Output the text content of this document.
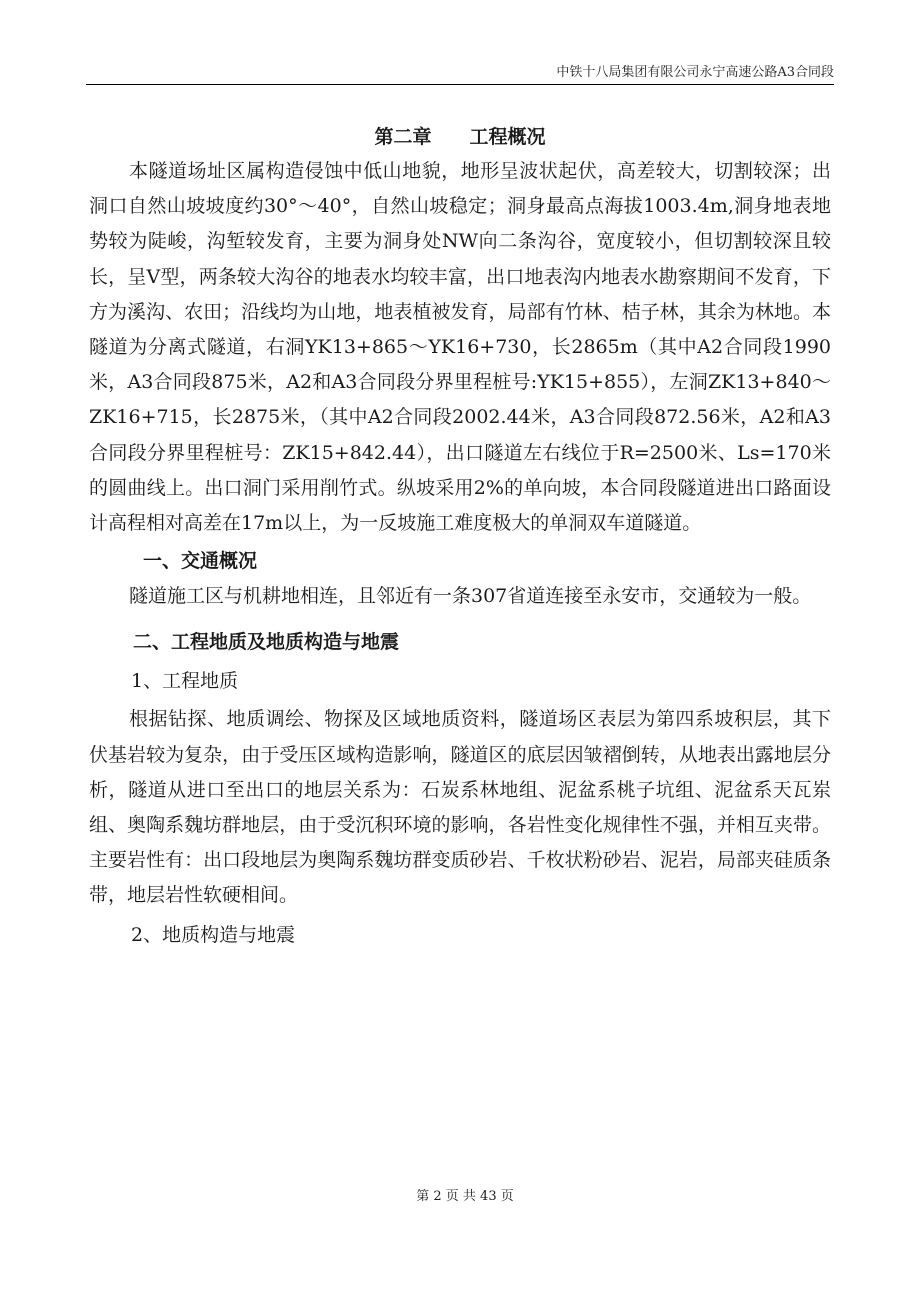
中铁十八局集团有限公司永宁高速公路A3合同段
第二章　　工程概况

本隧道场址区属构造侵蚀中低山地貌，地形呈波状起伏，高差较大，切割较深；出洞口自然山坡坡度约30°～40°，自然山坡稳定；洞身最高点海拔1003.4m,洞身地表地势较为陡峻，沟堑较发育，主要为洞身处NW向二条沟谷，宽度较小，但切割较深且较长，呈V型，两条较大沟谷的地表水均较丰富，出口地表沟内地表水勘察期间不发育，下方为溪沟、农田；沿线均为山地，地表植被发育，局部有竹林、桔子林，其余为林地。本隧道为分离式隧道，右洞YK13+865～YK16+730，长2865m（其中A2合同段1990米，A3合同段875米，A2和A3合同段分界里程桩号:YK15+855），左洞ZK13+840～ZK16+715，长2875米，（其中A2合同段2002.44米，A3合同段872.56米，A2和A3合同段分界里程桩号：ZK15+842.44），出口隧道左右线位于R=2500米、Ls=170米的圆曲线上。出口洞门采用削竹式。纵坡采用2%的单向坡，本合同段隧道进出口路面设计高程相对高差在17m以上，为一反坡施工难度极大的单洞双车道隧道。

一、交通概况

隧道施工区与机耕地相连，且邻近有一条307省道连接至永安市，交通较为一般。

二、工程地质及地质构造与地震
1、工程地质

根据钻探、地质调绘、物探及区域地质资料，隧道场区表层为第四系坡积层，其下伏基岩较为复杂，由于受压区域构造影响，隧道区的底层因皱褶倒转，从地表出露地层分析，隧道从进口至出口的地层关系为：石炭系林地组、泥盆系桃子坑组、泥盆系天瓦岽组、奥陶系魏坊群地层，由于受沉积环境的影响，各岩性变化规律性不强，并相互夹带。主要岩性有：出口段地层为奥陶系魏坊群变质砂岩、千枚状粉砂岩、泥岩，局部夹硅质条带，地层岩性软硬相间。

2、地质构造与地震
第 2 页 共 43 页
